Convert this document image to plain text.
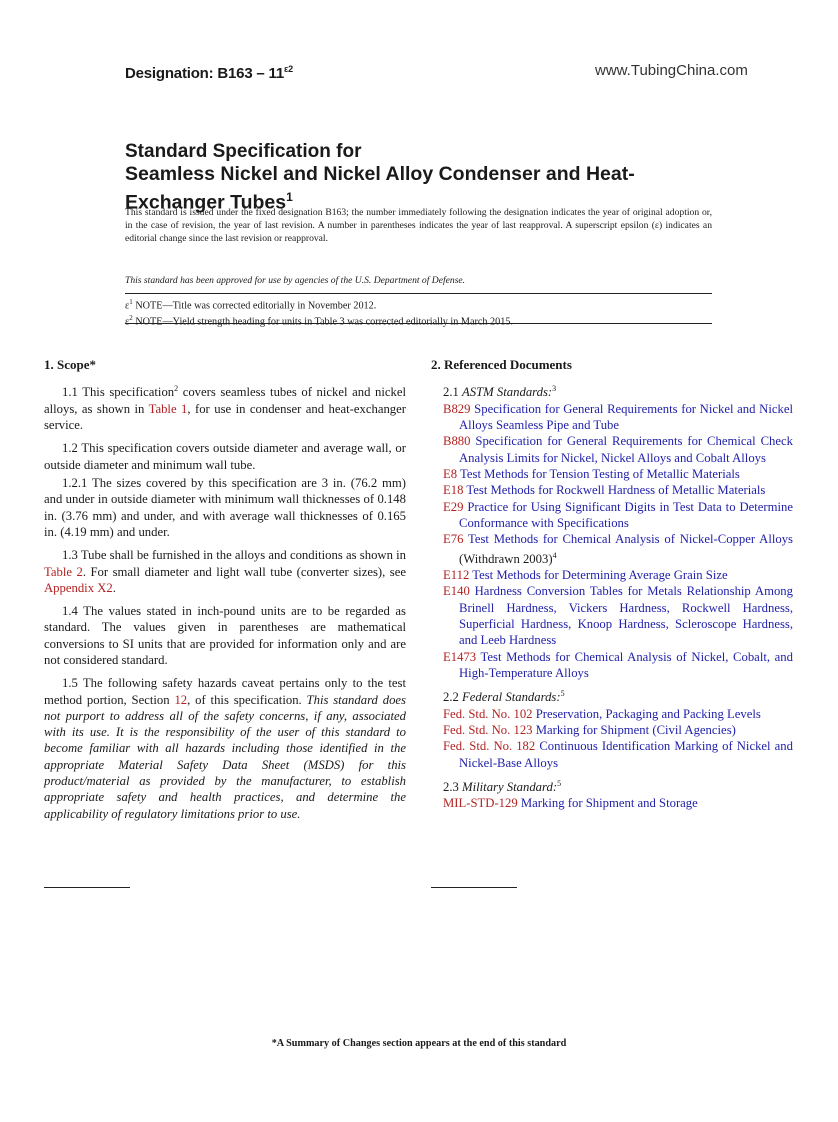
Designation: $B163 - 11^{\varepsilon 2}$	www.TubingChina.com
Standard Specification for
Seamless Nickel and Nickel Alloy Condenser and Heat-
Exchanger Tubes$^1$

This standard is issued under the fixed designation B163; the number immediately following the designation indicates the year of original adoption or, in the case of revision, the year of last revision. A number in parentheses indicates the year of last reapproval. A superscript epsilon (ε) indicates an editorial change since the last revision or reapproval.

This standard has been approved for use by agencies of the U.S. Department of Defense.
$\varepsilon^1$ NOTE—Title was corrected editorially in November 2012.
$\varepsilon^2$ NOTE—Yield strength heading for units in Table 3 was corrected editorially in March 2015.
1. Scope*

1.1 This specification$^2$ covers seamless tubes of nickel and nickel alloys, as shown in Table 1, for use in condenser and heat-exchanger service.

1.2 This specification covers outside diameter and average wall, or outside diameter and minimum wall tube.

1.2.1 The sizes covered by this specification are 3 in. (76.2 mm) and under in outside diameter with minimum wall thicknesses of 0.148 in. (3.76 mm) and under, and with average wall thicknesses of 0.165 in. (4.19 mm) and under.

1.3 Tube shall be furnished in the alloys and conditions as shown in Table 2. For small diameter and light wall tube (converter sizes), see Appendix X2.

1.4 The values stated in inch-pound units are to be regarded as standard. The values given in parentheses are mathematical conversions to SI units that are provided for information only and are not considered standard.

1.5 The following safety hazards caveat pertains only to the test method portion, Section 12, of this specification. This standard does not purport to address all of the safety concerns, if any, associated with its use. It is the responsibility of the user of this standard to become familiar with all hazards including those identified in the appropriate Material Safety Data Sheet (MSDS) for this product/material as provided by the manufacturer, to establish appropriate safety and health practices, and determine the applicability of regulatory limitations prior to use.

2. Referenced Documents

2.1 ASTM Standards:$^3$

B829 Specification for General Requirements for Nickel and Nickel Alloys Seamless Pipe and Tube

B880 Specification for General Requirements for Chemical Check Analysis Limits for Nickel, Nickel Alloys and Cobalt Alloys

E8 Test Methods for Tension Testing of Metallic Materials

E18 Test Methods for Rockwell Hardness of Metallic Materials

E29 Practice for Using Significant Digits in Test Data to Determine Conformance with Specifications

E76 Test Methods for Chemical Analysis of Nickel-Copper Alloys (Withdrawn 2003)$^4$

E112 Test Methods for Determining Average Grain Size

E140 Hardness Conversion Tables for Metals Relationship Among Brinell Hardness, Vickers Hardness, Rockwell Hardness, Superficial Hardness, Knoop Hardness, Scleroscope Hardness, and Leeb Hardness

E1473 Test Methods for Chemical Analysis of Nickel, Cobalt, and High-Temperature Alloys

2.2 Federal Standards:$^5$

Fed. Std. No. 102 Preservation, Packaging and Packing Levels

Fed. Std. No. 123 Marking for Shipment (Civil Agencies)

Fed. Std. No. 182 Continuous Identification Marking of Nickel and Nickel-Base Alloys

2.3 Military Standard:$^5$

MIL-STD-129 Marking for Shipment and Storage

*A Summary of Changes section appears at the end of this standard
